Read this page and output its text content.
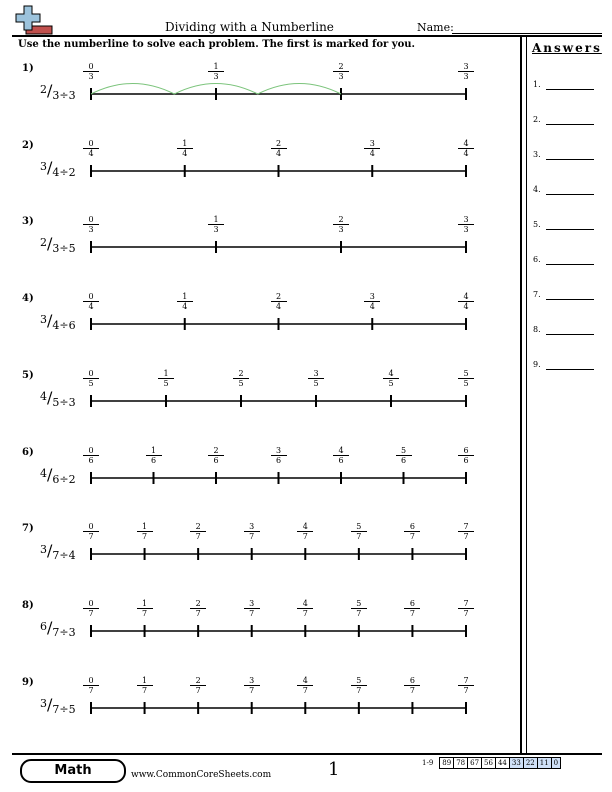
Dividing with a Numberline	Name:
Use the numberline to solve each problem. The first is marked for you.	Answers
1.
2.
3.
4.
5.
6.
7.
8.
9.
1)
$^2/_3\div 3$
$\frac{0}{3}$	$\frac{1}{3}$	$\frac{2}{3}$	$\frac{3}{3}$
2)
$^3/_4\div 2$
$\frac{0}{4}$	$\frac{1}{4}$	$\frac{2}{4}$	$\frac{3}{4}$	$\frac{4}{4}$
3)
$^2/_3\div 5$
$\frac{0}{3}$	$\frac{1}{3}$	$\frac{2}{3}$	$\frac{3}{3}$
4)
$^3/_4\div 6$
$\frac{0}{4}$	$\frac{1}{4}$	$\frac{2}{4}$	$\frac{3}{4}$	$\frac{4}{4}$
5)
$^4/_5\div 3$
$\frac{0}{5}$	$\frac{1}{5}$	$\frac{2}{5}$	$\frac{3}{5}$	$\frac{4}{5}$	$\frac{5}{5}$
6)
$^4/_6\div 2$
$\frac{0}{6}$	$\frac{1}{6}$	$\frac{2}{6}$	$\frac{3}{6}$	$\frac{4}{6}$	$\frac{5}{6}$	$\frac{6}{6}$
7)
$^3/_7\div 4$
$\frac{0}{7}$	$\frac{1}{7}$	$\frac{2}{7}$	$\frac{3}{7}$	$\frac{4}{7}$	$\frac{5}{7}$	$\frac{6}{7}$	$\frac{7}{7}$
8)
$^6/_7\div 3$
$\frac{0}{7}$	$\frac{1}{7}$	$\frac{2}{7}$	$\frac{3}{7}$	$\frac{4}{7}$	$\frac{5}{7}$	$\frac{6}{7}$	$\frac{7}{7}$
9)
$^3/_7\div 5$
$\frac{0}{7}$	$\frac{1}{7}$	$\frac{2}{7}$	$\frac{3}{7}$	$\frac{4}{7}$	$\frac{5}{7}$	$\frac{6}{7}$	$\frac{7}{7}$
Math	www.CommonCoreSheets.com	1	1-9	89	78	67	56	44	33	22	11	0
